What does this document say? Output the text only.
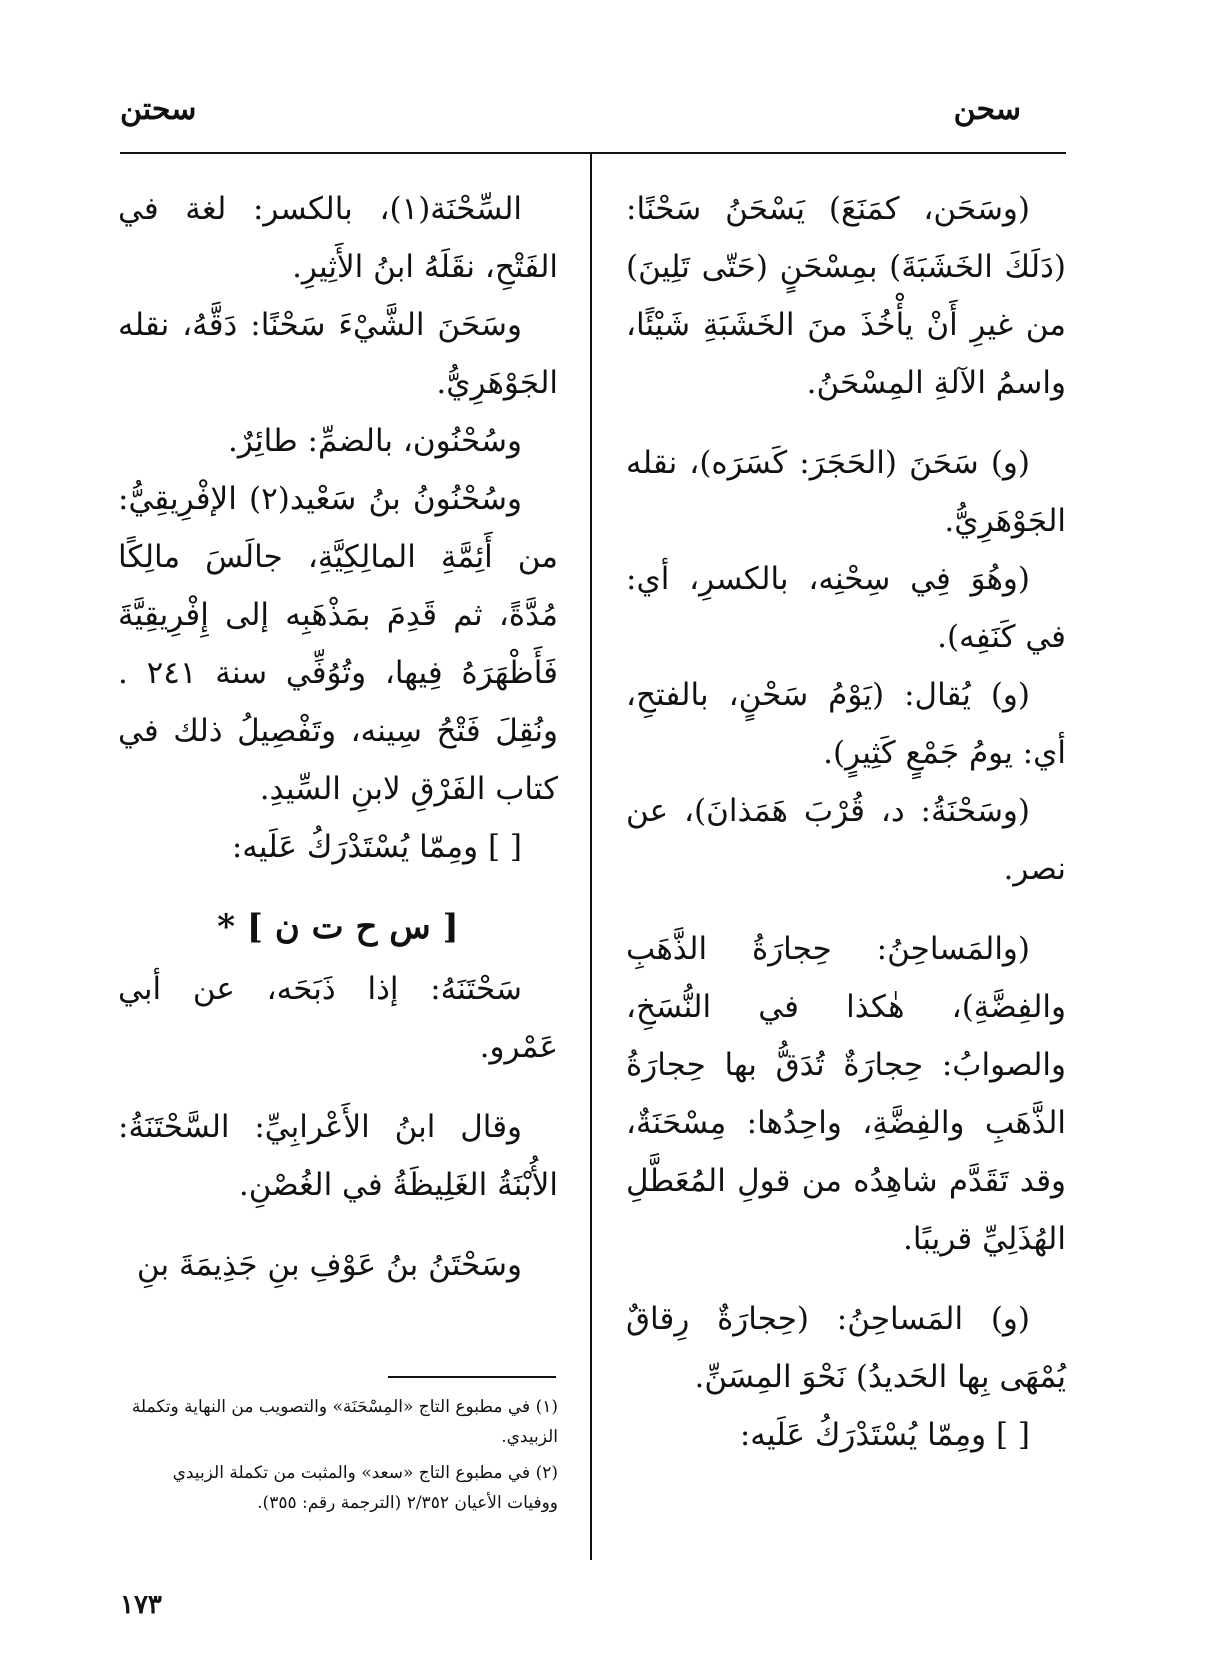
سحن
سحتن

(وسَحَن، كمَنَعَ) يَسْحَنُ سَحْنًا: (دَلَكَ الخَشَبَةَ) بمِسْحَنٍ (حَتّى تَلِينَ) من غيرِ أَنْ يأْخُذَ منَ الخَشَبَةِ شَيْئًا، واسمُ الآلةِ المِسْحَنُ.

(و) سَحَنَ (الحَجَرَ: كَسَرَه)، نقله الجَوْهَرِيُّ.

(وهُوَ فِي سِحْنِه، بالكسرِ، أي: في كَنَفِه).

(و) يُقال: (يَوْمُ سَحْنٍ، بالفتحِ، أي: يومُ جَمْعٍ كَثِيرٍ).

(وسَحْنَةُ: د، قُرْبَ هَمَذانَ)، عن نصر.

(والمَساحِنُ: حِجارَةُ الذَّهَبِ والفِضَّةِ)، هٰكذا في النُّسَخِ، والصوابُ: حِجارَةٌ تُدَقُّ بها حِجارَةُ الذَّهَبِ والفِضَّةِ، واحِدُها: مِسْحَنَةٌ، وقد تَقَدَّم شاهِدُه من قولِ المُعَطَّلِ الهُذَلِيِّ قريبًا.

(و) المَساحِنُ: (حِجارَةٌ رِقاقٌ يُمْهَى بِها الحَديدُ) نَحْوَ المِسَنِّ.

[ ] ومِمّا يُسْتَدْرَكُ عَلَيه:

السِّحْنَة(١)، بالكسر: لغة في الفَتْحِ، نقَلَهُ ابنُ الأَثِيرِ.

وسَحَنَ الشَّيْءَ سَحْنًا: دَقَّهُ، نقله الجَوْهَرِيُّ.

وسُحْنُون، بالضمِّ: طائِرٌ.

وسُحْنُونُ بنُ سَعْيد(٢) الإفْرِيقِيُّ: من أَئِمَّةِ المالِكِيَّةِ، جالَسَ مالِكًا مُدَّةً، ثم قَدِمَ بمَذْهَبِه إلى إِفْرِيقِيَّةَ فَأَظْهَرَهُ فِيها، وتُوُفِّي سنة ٢٤١ . ونُقِلَ فَتْحُ سِينه، وتَفْصِيلُ ذلك في كتاب الفَرْقِ لابنِ السِّيدِ.

[ ] ومِمّا يُسْتَدْرَكُ عَلَيه:

[ س ح ت ن ] *

سَحْتَنَهُ: إذا ذَبَحَه، عن أبي عَمْرو.

وقال ابنُ الأَعْرابِيِّ: السَّحْتَنَةُ: الأُبْنَةُ الغَلِيظَةُ في الغُصْنِ.

وسَحْتَنُ بنُ عَوْفِ بنِ جَذِيمَةَ بنِ

(١) في مطبوع التاج «المِسْحَنَة» والتصويب من النهاية وتكملة الزبيدي.

(٢) في مطبوع التاج «سعد» والمثبت من تكملة الزبيدي ووفيات الأعيان ٢/٣٥٢ (الترجمة رقم: ٣٥٥).

١٧٣
